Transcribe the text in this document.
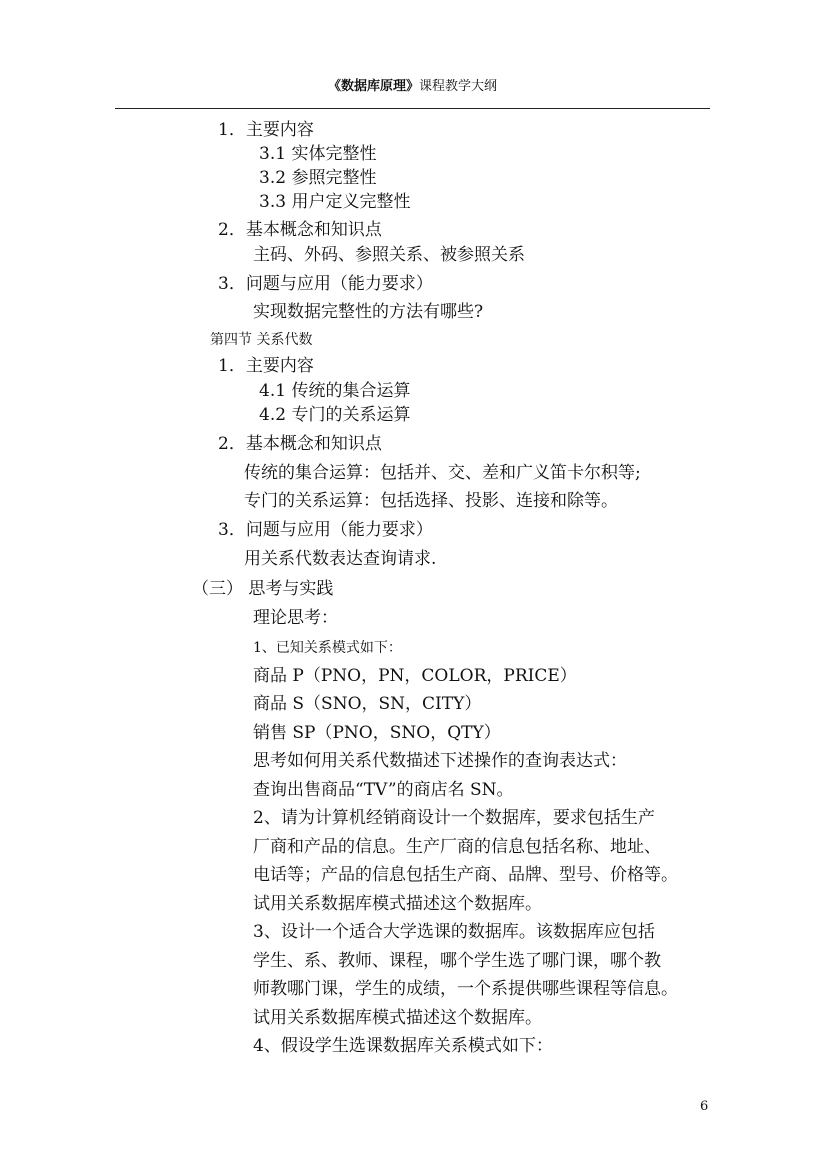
《数据库原理》课程教学大纲
1．主要内容
3.1 实体完整性
3.2 参照完整性
3.3 用户定义完整性
2．基本概念和知识点
主码、外码、参照关系、被参照关系
3．问题与应用（能力要求）
实现数据完整性的方法有哪些?
第四节 关系代数
1．主要内容
4.1 传统的集合运算
4.2 专门的关系运算
2．基本概念和知识点
传统的集合运算：包括并、交、差和广义笛卡尔积等;
专门的关系运算：包括选择、投影、连接和除等。
3．问题与应用（能力要求）
用关系代数表达查询请求.
（三） 思考与实践
理论思考：
1、已知关系模式如下：
商品 P（PNO，PN，COLOR，PRICE）
商品 S（SNO，SN，CITY）
销售 SP（PNO，SNO，QTY）
思考如何用关系代数描述下述操作的查询表达式：
查询出售商品“TV”的商店名 SN。
2、请为计算机经销商设计一个数据库，要求包括生产
厂商和产品的信息。生产厂商的信息包括名称、地址、
电话等；产品的信息包括生产商、品牌、型号、价格等。
试用关系数据库模式描述这个数据库。
3、设计一个适合大学选课的数据库。该数据库应包括
学生、系、教师、课程，哪个学生选了哪门课，哪个教
师教哪门课，学生的成绩，一个系提供哪些课程等信息。
试用关系数据库模式描述这个数据库。
4、假设学生选课数据库关系模式如下：
6
